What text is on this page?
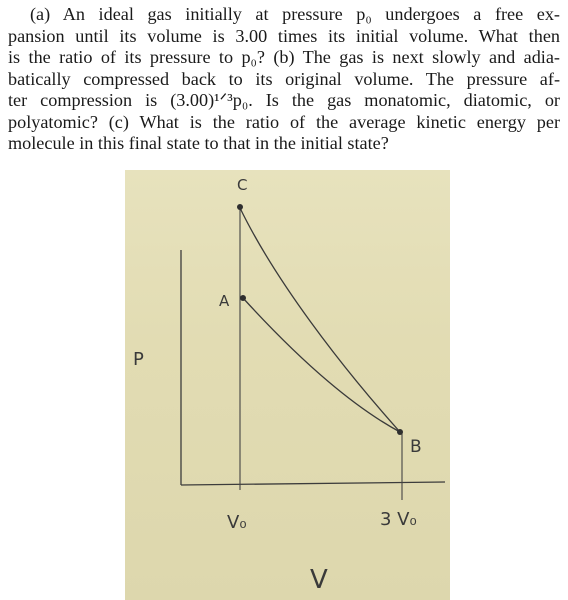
(a) An ideal gas initially at pressure p₀ undergoes a free ex-
pansion until its volume is 3.00 times its initial volume. What then
is the ratio of its pressure to p₀? (b) The gas is next slowly and adia-
batically compressed back to its original volume. The pressure af-
ter compression is (3.00)¹ᐟ³p₀. Is the gas monatomic, diatomic, or
polyatomic? (c) What is the ratio of the average kinetic energy per
molecule in this final state to that in the initial state?
C
A
B
P
V₀	3 V₀
V
